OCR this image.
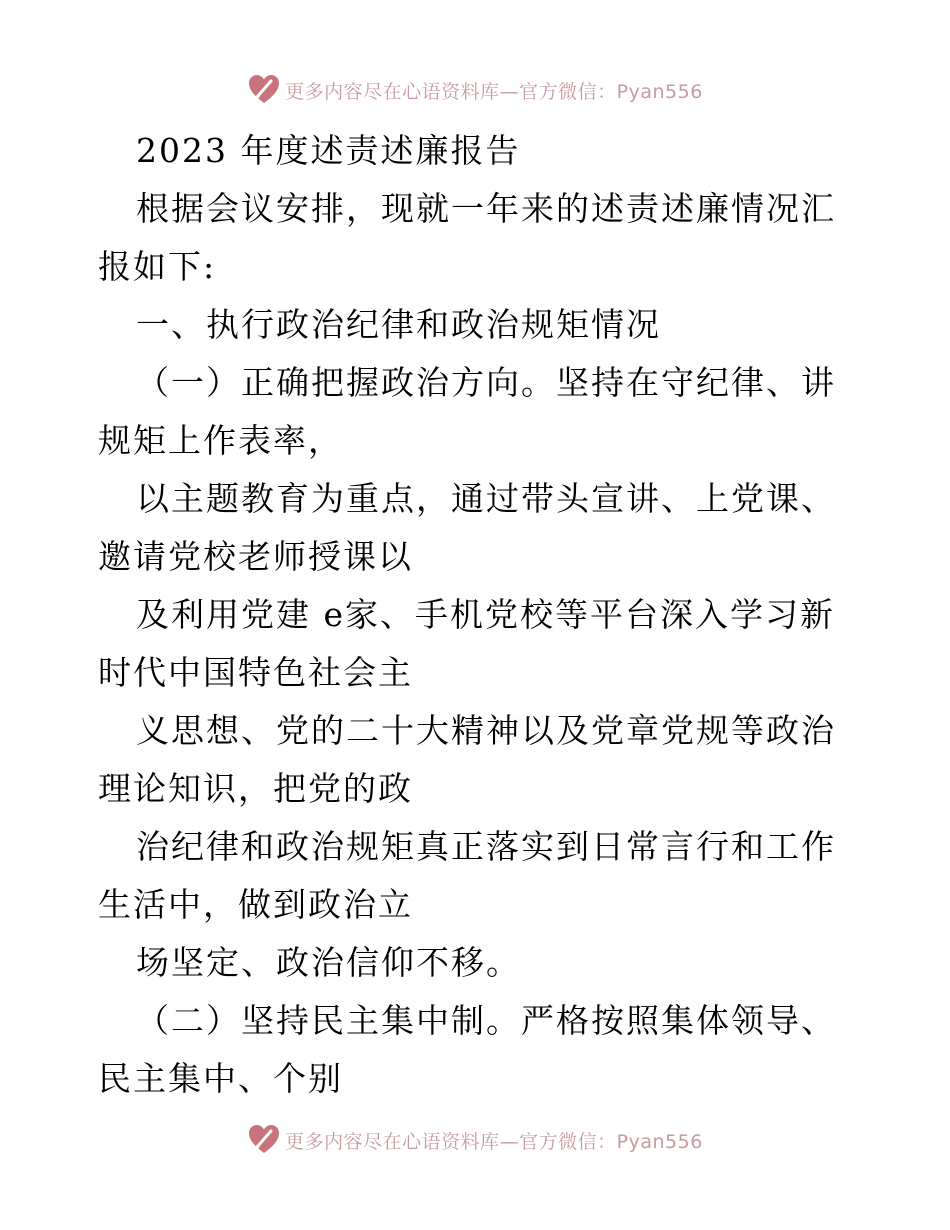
更多内容尽在心语资料库—官方微信：Pyan556

2023 年度述责述廉报告

根据会议安排，现就一年来的述责述廉情况汇报如下:

一、执行政治纪律和政治规矩情况

（一）正确把握政治方向。坚持在守纪律、讲规矩上作表率，

以主题教育为重点，通过带头宣讲、上党课、邀请党校老师授课以

及利用党建 e家、手机党校等平台深入学习新时代中国特色社会主

义思想、党的二十大精神以及党章党规等政治理论知识，把党的政

治纪律和政治规矩真正落实到日常言行和工作生活中，做到政治立

场坚定、政治信仰不移。

（二）坚持民主集中制。严格按照集体领导、民主集中、个别

更多内容尽在心语资料库—官方微信：Pyan556
